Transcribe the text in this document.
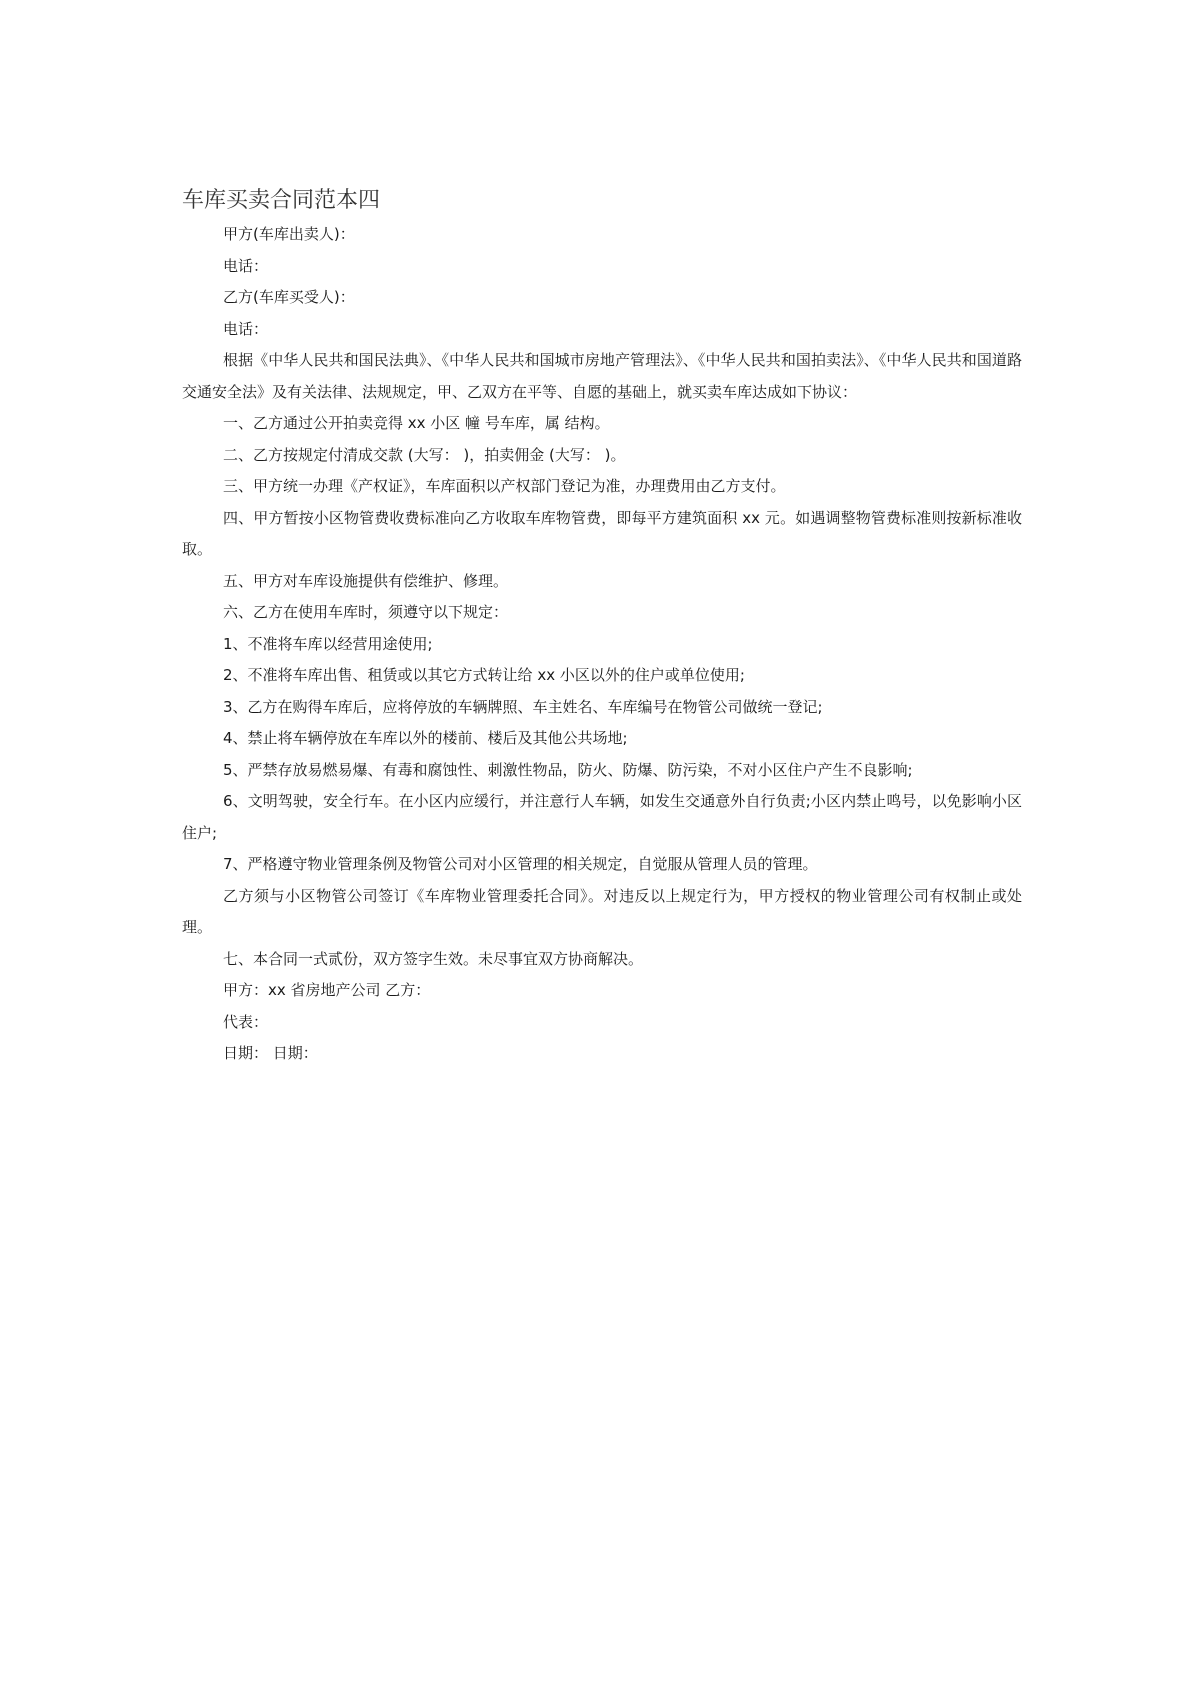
车库买卖合同范本四

甲方(车库出卖人)：

电话：

乙方(车库买受人)：

电话：

根据《中华人民共和国民法典》、《中华人民共和国城市房地产管理法》、《中华人民共和国拍卖法》、《中华人民共和国道路交通安全法》及有关法律、法规规定，甲、乙双方在平等、自愿的基础上，就买卖车库达成如下协议：

一、乙方通过公开拍卖竞得 xx 小区 幢 号车库，属 结构。

二、乙方按规定付清成交款 (大写： )，拍卖佣金 (大写： )。

三、甲方统一办理《产权证》，车库面积以产权部门登记为准，办理费用由乙方支付。

四、甲方暂按小区物管费收费标准向乙方收取车库物管费，即每平方建筑面积 xx 元。如遇调整物管费标准则按新标准收取。

五、甲方对车库设施提供有偿维护、修理。

六、乙方在使用车库时，须遵守以下规定：

1、不准将车库以经营用途使用;

2、不准将车库出售、租赁或以其它方式转让给 xx 小区以外的住户或单位使用;

3、乙方在购得车库后，应将停放的车辆牌照、车主姓名、车库编号在物管公司做统一登记;

4、禁止将车辆停放在车库以外的楼前、楼后及其他公共场地;

5、严禁存放易燃易爆、有毒和腐蚀性、刺激性物品，防火、防爆、防污染，不对小区住户产生不良影响;

6、文明驾驶，安全行车。在小区内应缓行，并注意行人车辆，如发生交通意外自行负责;小区内禁止鸣号，以免影响小区住户;

7、严格遵守物业管理条例及物管公司对小区管理的相关规定，自觉服从管理人员的管理。

乙方须与小区物管公司签订《车库物业管理委托合同》。对违反以上规定行为，甲方授权的物业管理公司有权制止或处理。

七、本合同一式贰份，双方签字生效。未尽事宜双方协商解决。

甲方：xx 省房地产公司 乙方：

代表：

日期： 日期：
